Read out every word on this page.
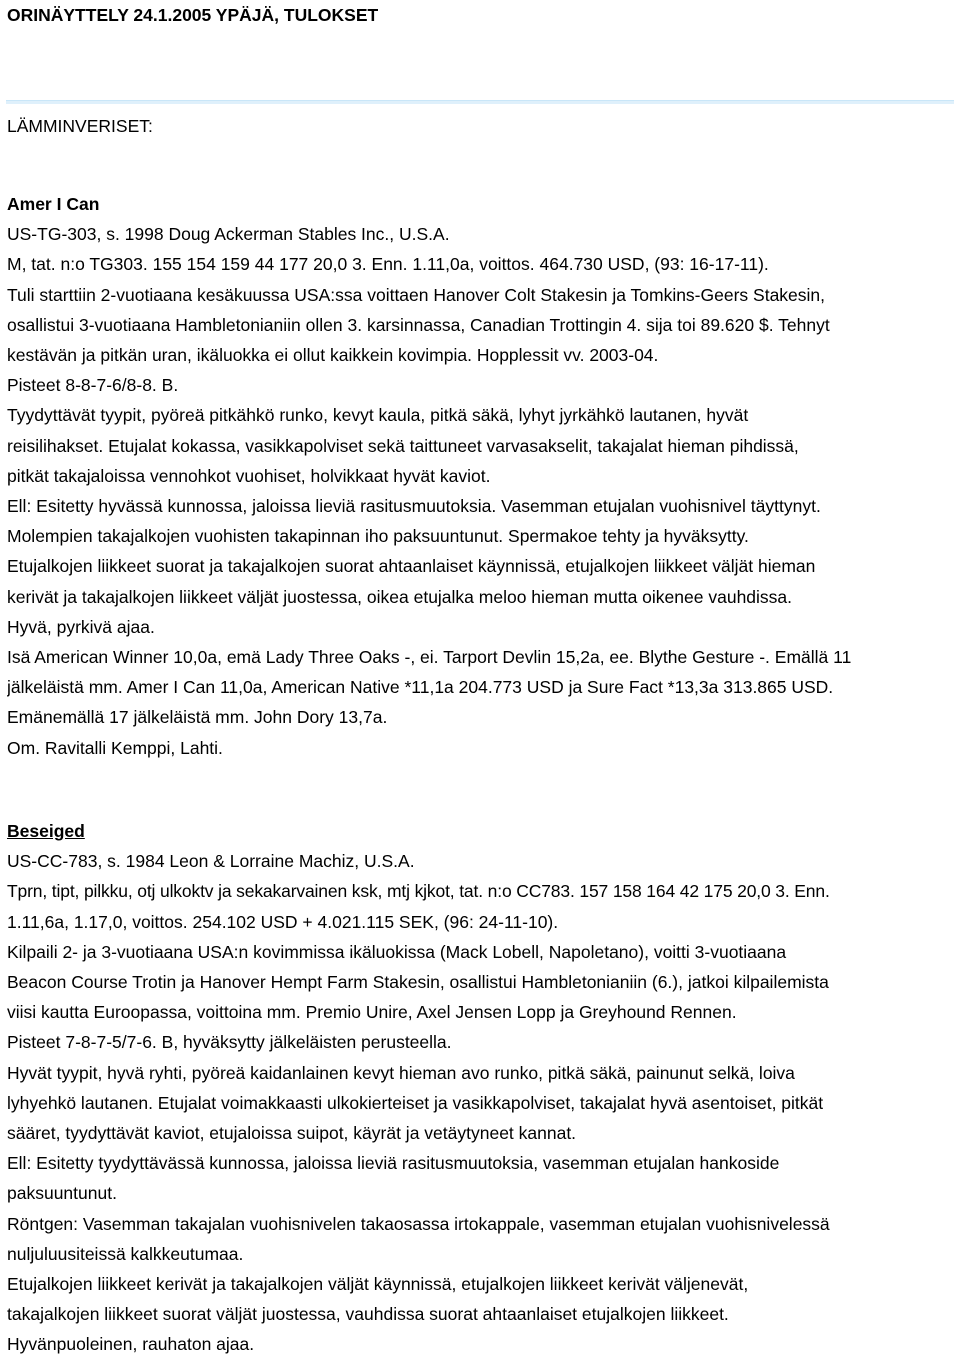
ORINÄYTTELY 24.1.2005 YPÄJÄ, TULOKSET
LÄMMINVERISET:
Amer I Can
US-TG-303, s. 1998 Doug Ackerman Stables Inc., U.S.A.
M, tat. n:o TG303. 155 154 159 44 177 20,0 3. Enn. 1.11,0a, voittos. 464.730 USD, (93: 16-17-11).
Tuli starttiin 2-vuotiaana kesäkuussa USA:ssa voittaen Hanover Colt Stakesin ja Tomkins-Geers Stakesin,
osallistui 3-vuotiaana Hambletonianiin ollen 3. karsinnassa, Canadian Trottingin 4. sija toi 89.620 $. Tehnyt
kestävän ja pitkän uran, ikäluokka ei ollut kaikkein kovimpia. Hopplessit vv. 2003-04.
Pisteet 8-8-7-6/8-8. B.
Tyydyttävät tyypit, pyöreä pitkähkö runko, kevyt kaula, pitkä säkä, lyhyt jyrkähkö lautanen, hyvät
reisilihakset. Etujalat kokassa, vasikkapolviset sekä taittuneet varvasakselit, takajalat hieman pihdissä,
pitkät takajaloissa vennohkot vuohiset, holvikkaat hyvät kaviot.
Ell: Esitetty hyvässä kunnossa, jaloissa lieviä rasitusmuutoksia. Vasemman etujalan vuohisnivel täyttynyt.
Molempien takajalkojen vuohisten takapinnan iho paksuuntunut. Spermakoe tehty ja hyväksytty.
Etujalkojen liikkeet suorat ja takajalkojen suorat ahtaanlaiset käynnissä, etujalkojen liikkeet väljät hieman
kerivät ja takajalkojen liikkeet väljät juostessa, oikea etujalka meloo hieman mutta oikenee vauhdissa.
Hyvä, pyrkivä ajaa.
Isä American Winner 10,0a, emä Lady Three Oaks -, ei. Tarport Devlin 15,2a, ee. Blythe Gesture -. Emällä 11
jälkeläistä mm. Amer I Can 11,0a, American Native *11,1a 204.773 USD ja Sure Fact *13,3a 313.865 USD.
Emänemällä 17 jälkeläistä mm. John Dory 13,7a.
Om. Ravitalli Kemppi, Lahti.
Beseiged
US-CC-783, s. 1984 Leon & Lorraine Machiz, U.S.A.
Tprn, tipt, pilkku, otj ulkoktv ja sekakarvainen ksk, mtj kjkot, tat. n:o CC783. 157 158 164 42 175 20,0 3. Enn.
1.11,6a, 1.17,0, voittos. 254.102 USD + 4.021.115 SEK, (96: 24-11-10).
Kilpaili 2- ja 3-vuotiaana USA:n kovimmissa ikäluokissa (Mack Lobell, Napoletano), voitti 3-vuotiaana
Beacon Course Trotin ja Hanover Hempt Farm Stakesin, osallistui Hambletonianiin (6.), jatkoi kilpailemista
viisi kautta Euroopassa, voittoina mm. Premio Unire, Axel Jensen Lopp ja Greyhound Rennen.
Pisteet 7-8-7-5/7-6. B, hyväksytty jälkeläisten perusteella.
Hyvät tyypit, hyvä ryhti, pyöreä kaidanlainen kevyt hieman avo runko, pitkä säkä, painunut selkä, loiva
lyhyehkö lautanen. Etujalat voimakkaasti ulkokierteiset ja vasikkapolviset, takajalat hyvä asentoiset, pitkät
sääret, tyydyttävät kaviot, etujaloissa suipot, käyrät ja vetäytyneet kannat.
Ell: Esitetty tyydyttävässä kunnossa, jaloissa lieviä rasitusmuutoksia, vasemman etujalan hankoside
paksuuntunut.
Röntgen: Vasemman takajalan vuohisnivelen takaosassa irtokappale, vasemman etujalan vuohisnivelessä
nuljuluusiteissä kalkkeutumaa.
Etujalkojen liikkeet kerivät ja takajalkojen väljät käynnissä, etujalkojen liikkeet kerivät väljenevät,
takajalkojen liikkeet suorat väljät juostessa, vauhdissa suorat ahtaanlaiset etujalkojen liikkeet.
Hyvänpuoleinen, rauhaton ajaa.
